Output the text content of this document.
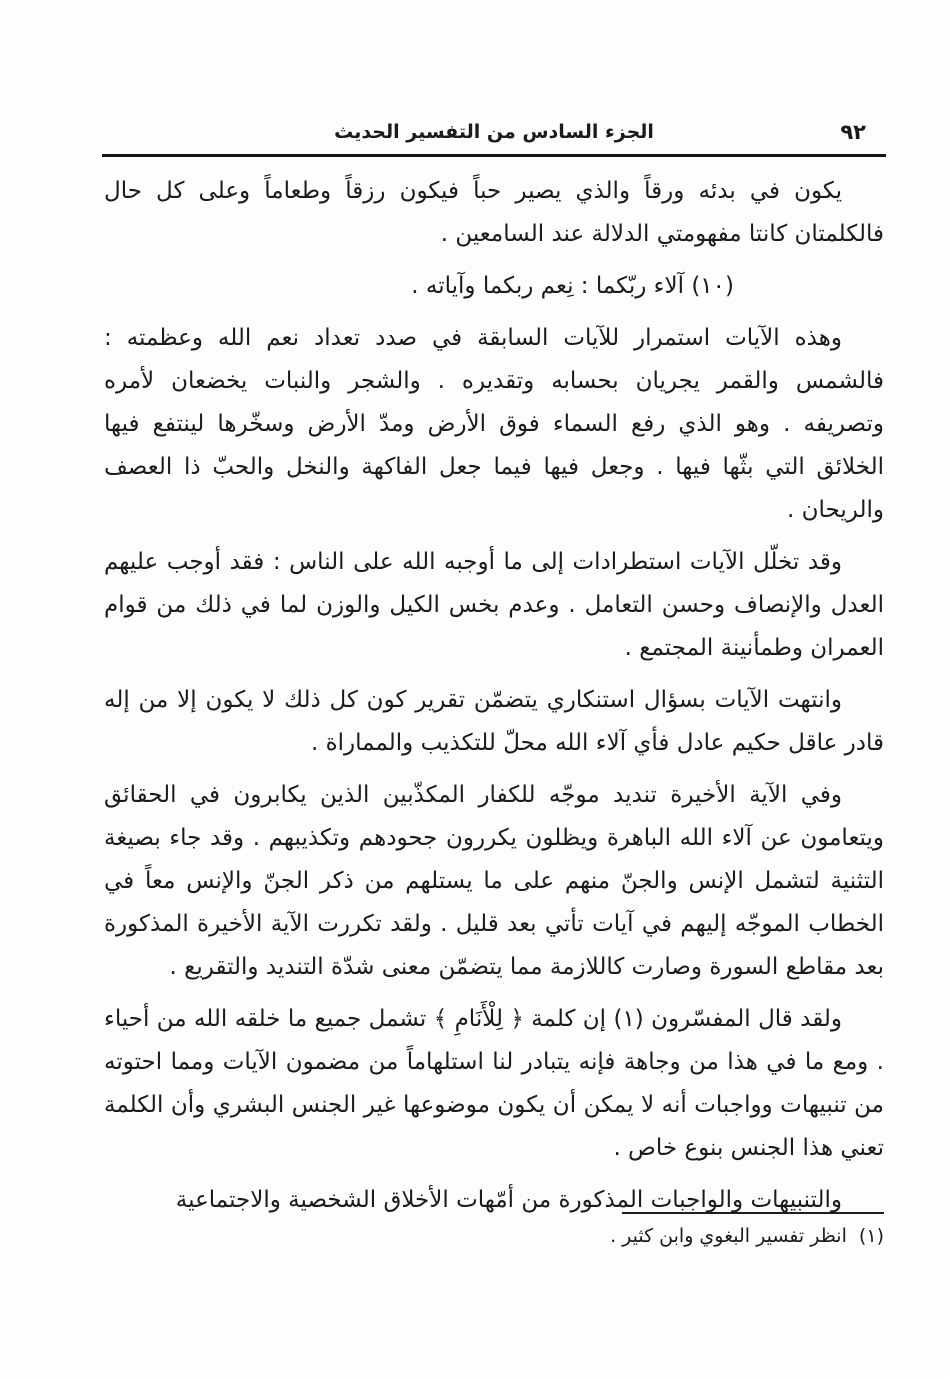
الجزء السادس من التفسير الحديث	٩٢

يكون في بدئه ورقاً والذي يصير حباً فيكون رزقاً وطعاماً وعلى كل حال فالكلمتان كانتا مفهومتي الدلالة عند السامعين .

(١٠) آلاء ربّكما : نِعم ربكما وآياته .

وهذه الآيات استمرار للآيات السابقة في صدد تعداد نعم الله وعظمته : فالشمس والقمر يجريان بحسابه وتقديره . والشجر والنبات يخضعان لأمره وتصريفه . وهو الذي رفع السماء فوق الأرض ومدّ الأرض وسخّرها لينتفع فيها الخلائق التي بثّها فيها . وجعل فيها فيما جعل الفاكهة والنخل والحبّ ذا العصف والريحان .

وقد تخلّل الآيات استطرادات إلى ما أوجبه الله على الناس : فقد أوجب عليهم العدل والإنصاف وحسن التعامل . وعدم بخس الكيل والوزن لما في ذلك من قوام العمران وطمأنينة المجتمع .

وانتهت الآيات بسؤال استنكاري يتضمّن تقرير كون كل ذلك لا يكون إلا من إله قادر عاقل حكيم عادل فأي آلاء الله محلّ للتكذيب والمماراة .

وفي الآية الأخيرة تنديد موجّه للكفار المكذّبين الذين يكابرون في الحقائق ويتعامون عن آلاء الله الباهرة ويظلون يكررون جحودهم وتكذيبهم . وقد جاء بصيغة التثنية لتشمل الإنس والجنّ منهم على ما يستلهم من ذكر الجنّ والإنس معاً في الخطاب الموجّه إليهم في آيات تأتي بعد قليل . ولقد تكررت الآية الأخيرة المذكورة بعد مقاطع السورة وصارت كاللازمة مما يتضمّن معنى شدّة التنديد والتقريع .

ولقد قال المفسّرون (١) إن كلمة ﴿ لِلْأَنَامِ ﴾ تشمل جميع ما خلقه الله من أحياء . ومع ما في هذا من وجاهة فإنه يتبادر لنا استلهاماً من مضمون الآيات ومما احتوته من تنبيهات وواجبات أنه لا يمكن أن يكون موضوعها غير الجنس البشري وأن الكلمة تعني هذا الجنس بنوع خاص .

والتنبيهات والواجبات المذكورة من أمّهات الأخلاق الشخصية والاجتماعية

(١)  انظر تفسير البغوي وابن كثير .
